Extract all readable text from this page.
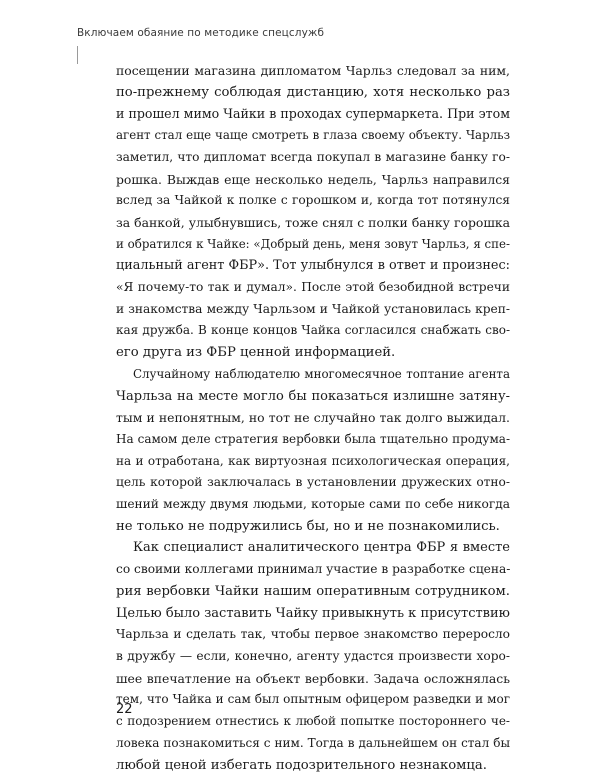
Включаем обаяние по методике спецслужб

посещении магазина дипломатом Чарльз следовал за ним,

по-прежнему соблюдая дистанцию, хотя несколько раз

и прошел мимо Чайки в проходах супермаркета. При этом

агент стал еще чаще смотреть в глаза своему объекту. Чарльз

заметил, что дипломат всегда покупал в магазине банку го-

рошка. Выждав еще несколько недель, Чарльз направился

вслед за Чайкой к полке с горошком и, когда тот потянулся

за банкой, улыбнувшись, тоже снял с полки банку горошка

и обратился к Чайке: «Добрый день, меня зовут Чарльз, я спе-

циальный агент ФБР». Тот улыбнулся в ответ и произнес:

«Я почему-то так и думал». После этой безобидной встречи

и знакомства между Чарльзом и Чайкой установилась креп-

кая дружба. В конце концов Чайка согласился снабжать сво-

его друга из ФБР ценной информацией.

Случайному наблюдателю многомесячное топтание агента

Чарльза на месте могло бы показаться излишне затяну-

тым и непонятным, но тот не случайно так долго выжидал.

На самом деле стратегия вербовки была тщательно продума-

на и отработана, как виртуозная психологическая операция,

цель которой заключалась в установлении дружеских отно-

шений между двумя людьми, которые сами по себе никогда

не только не подружились бы, но и не познакомились.

Как специалист аналитического центра ФБР я вместе

со своими коллегами принимал участие в разработке сцена-

рия вербовки Чайки нашим оперативным сотрудником.

Целью было заставить Чайку привыкнуть к присутствию

Чарльза и сделать так, чтобы первое знакомство переросло

в дружбу — если, конечно, агенту удастся произвести хоро-

шее впечатление на объект вербовки. Задача осложнялась

тем, что Чайка и сам был опытным офицером разведки и мог

с подозрением отнестись к любой попытке постороннего че-

ловека познакомиться с ним. Тогда в дальнейшем он стал бы

любой ценой избегать подозрительного незнакомца.

22
